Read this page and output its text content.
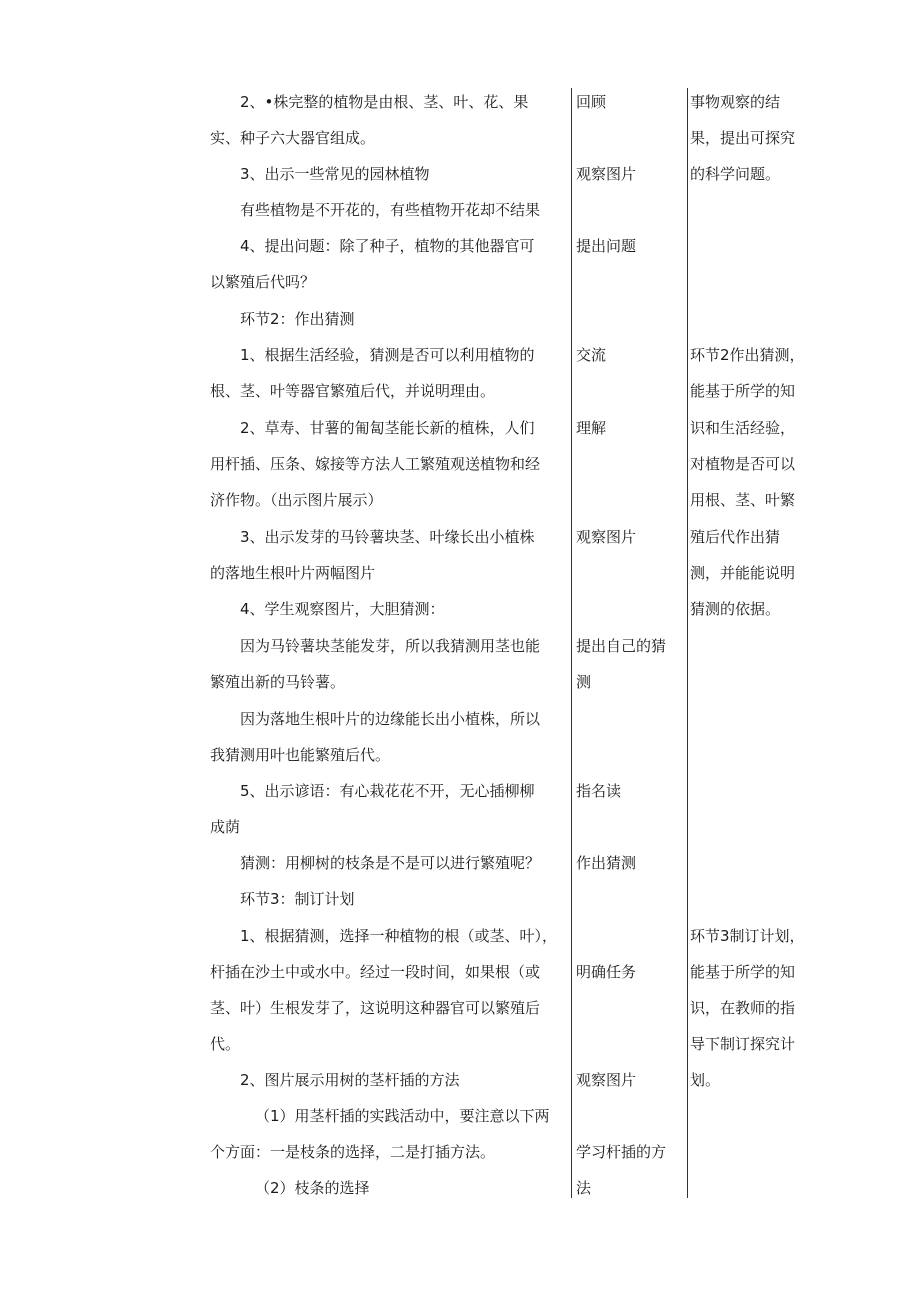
2、•株完整的植物是由根、茎、叶、花、果
实、种子六大器官组成。
3、出示一些常见的园林植物
有些植物是不开花的，有些植物开花却不结果
4、提出问题：除了种子，植物的其他器官可
以繁殖后代吗？
环节2：作出猜测
1、根据生活经验，猜测是否可以利用植物的
根、茎、叶等器官繁殖后代，并说明理由。
2、草寿、甘薯的匍匐茎能长新的植株，人们
用杆插、压条、嫁接等方法人工繁殖观送植物和经
济作物。（出示图片展示）
3、出示发芽的马铃薯块茎、叶缘长出小植株
的落地生根叶片两幅图片
4、学生观察图片，大胆猜测：
因为马铃薯块茎能发芽，所以我猜测用茎也能
繁殖出新的马铃薯。
因为落地生根叶片的边缘能长出小植株，所以
我猜测用叶也能繁殖后代。
5、出示谚语：有心栽花花不开，无心插柳柳
成荫
猜测：用柳树的枝条是不是可以进行繁殖呢？
环节3：制订计划
1、根据猜测，选择一种植物的根（或茎、叶），
杆插在沙土中或水中。经过一段时间，如果根（或
茎、叶）生根发芽了，这说明这种器官可以繁殖后
代。
2、图片展示用树的茎杆插的方法
（1）用茎杆插的实践活动中，要注意以下两
个方面：一是枝条的选择，二是打插方法。
（2）枝条的选择
回顾
观察图片
提出问题
交流
理解
观察图片
提出自己的猜
测
指名读
作出猜测
明确任务
观察图片
学习杆插的方
法
事物观察的结
果，提出可探究
的科学问题。
环节2作出猜测，
能基于所学的知
识和生活经验，
对植物是否可以
用根、茎、叶繁
殖后代作出猜
测，并能能说明
猜测的依据。
环节3制订计划，
能基于所学的知
识，在教师的指
导下制订探究计
划。
